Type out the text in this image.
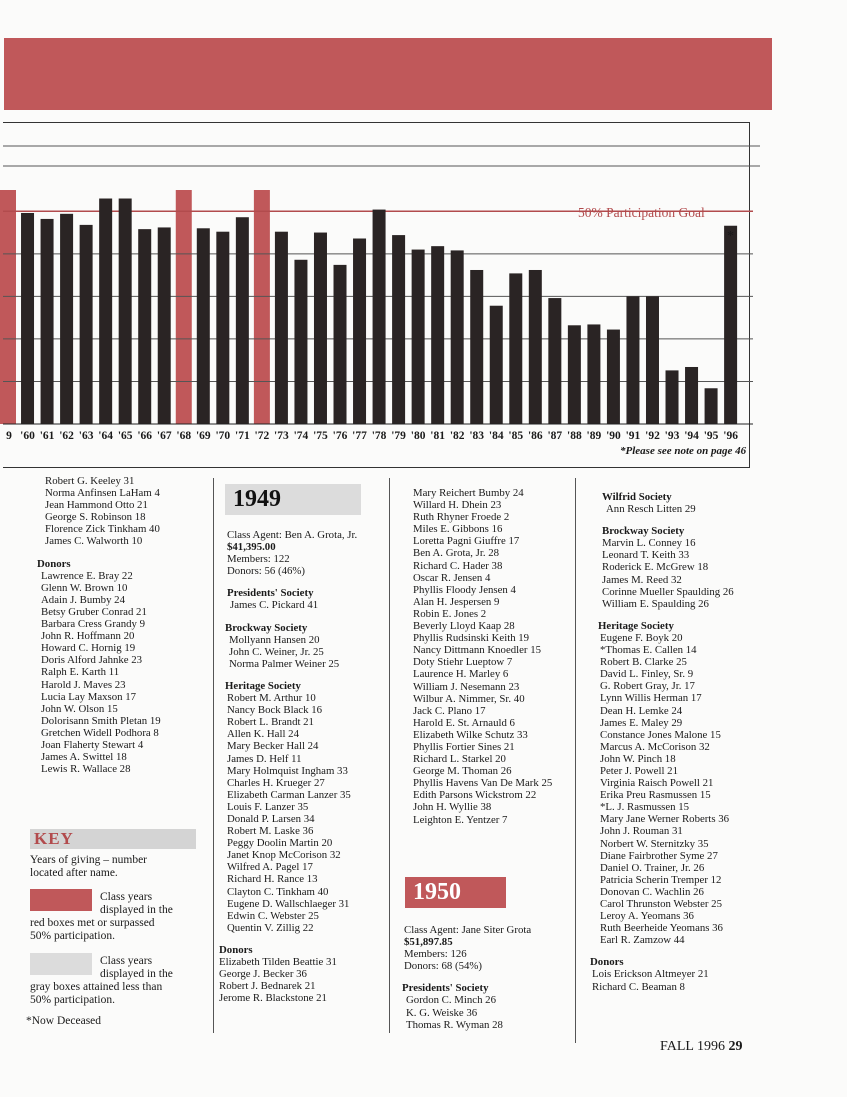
50% Participation Goal
*
9 '60 '61 '62 '63 '64 '65 '66 '67 '68 '69 '70 '71 '72 '73 '74 '75 '76 '77 '78 '79 '80 '81 '82 '83 '84 '85 '86 '87 '88 '89 '90 '91 '92 '93 '94 '95 '96
*Please see note on page 46
Robert G. Keeley 31
Norma Anfinsen LaHam 4
Jean Hammond Otto 21
George S. Robinson 18
Florence Zick Tinkham 40
James C. Walworth 10
Donors
Lawrence E. Bray 22
Glenn W. Brown 10
Adain J. Bumby 24
Betsy Gruber Conrad 21
Barbara Cress Grandy 9
John R. Hoffmann 20
Howard C. Hornig 19
Doris Alford Jahnke 23
Ralph E. Karth 11
Harold J. Maves 23
Lucia Lay Maxson 17
John W. Olson 15
Dolorisann Smith Pletan 19
Gretchen Widell Podhora 8
Joan Flaherty Stewart 4
James A. Swittel 18
Lewis R. Wallace 28
KEY
Years of giving – number
located after name.
Class years
displayed in the
red boxes met or surpassed
50% participation.
Class years
displayed in the
gray boxes attained less than
50% participation.
*Now Deceased
1949
Class Agent: Ben A. Grota, Jr.
$41,395.00
Members: 122
Donors: 56 (46%)
Presidents' Society
James C. Pickard 41
Brockway Society
Mollyann Hansen 20
John C. Weiner, Jr. 25
Norma Palmer Weiner 25
Heritage Society
Robert M. Arthur 10
Nancy Bock Black 16
Robert L. Brandt 21
Allen K. Hall 24
Mary Becker Hall 24
James D. Helf 11
Mary Holmquist Ingham 33
Charles H. Krueger 27
Elizabeth Carman Lanzer 35
Louis F. Lanzer 35
Donald P. Larsen 34
Robert M. Laske 36
Peggy Doolin Martin 20
Janet Knop McCorison 32
Wilfred A. Pagel 17
Richard H. Rance 13
Clayton C. Tinkham 40
Eugene D. Wallschlaeger 31
Edwin C. Webster 25
Quentin V. Zillig 22
Donors
Elizabeth Tilden Beattie 31
George J. Becker 36
Robert J. Bednarek 21
Jerome R. Blackstone 21
Mary Reichert Bumby 24
Willard H. Dhein 23
Ruth Rhyner Froede 2
Miles E. Gibbons 16
Loretta Pagni Giuffre 17
Ben A. Grota, Jr. 28
Richard C. Hader 38
Oscar R. Jensen 4
Phyllis Floody Jensen 4
Alan H. Jespersen 9
Robin E. Jones 2
Beverly Lloyd Kaap 28
Phyllis Rudsinski Keith 19
Nancy Dittmann Knoedler 15
Doty Stiehr Lueptow 7
Laurence H. Marley 6
William J. Nesemann 23
Wilbur A. Nimmer, Sr. 40
Jack C. Plano 17
Harold E. St. Arnauld 6
Elizabeth Wilke Schutz 33
Phyllis Fortier Sines 21
Richard L. Starkel 20
George M. Thoman 26
Phyllis Havens Van De Mark 25
Edith Parsons Wickstrom 22
John H. Wyllie 38
Leighton E. Yentzer 7
1950
Class Agent: Jane Siter Grota
$51,897.85
Members: 126
Donors: 68 (54%)
Presidents' Society
Gordon C. Minch 26
K. G. Weiske 36
Thomas R. Wyman 28
Wilfrid Society
Ann Resch Litten 29
Brockway Society
Marvin L. Conney 16
Leonard T. Keith 33
Roderick E. McGrew 18
James M. Reed 32
Corinne Mueller Spaulding 26
William E. Spaulding 26
Heritage Society
Eugene F. Boyk 20
*Thomas E. Callen 14
Robert B. Clarke 25
David L. Finley, Sr. 9
G. Robert Gray, Jr. 17
Lynn Willis Herman 17
Dean H. Lemke 24
James E. Maley 29
Constance Jones Malone 15
Marcus A. McCorison 32
John W. Pinch 18
Peter J. Powell 21
Virginia Raisch Powell 21
Erika Preu Rasmussen 15
*L. J. Rasmussen 15
Mary Jane Werner Roberts 36
John J. Rouman 31
Norbert W. Sternitzky 35
Diane Fairbrother Syme 27
Daniel O. Trainer, Jr. 26
Patricia Scherin Tremper 12
Donovan C. Wachlin 26
Carol Thrunston Webster 25
Leroy A. Yeomans 36
Ruth Beerheide Yeomans 36
Earl R. Zamzow 44
Donors
Lois Erickson Altmeyer 21
Richard C. Beaman 8
FALL 1996 29
